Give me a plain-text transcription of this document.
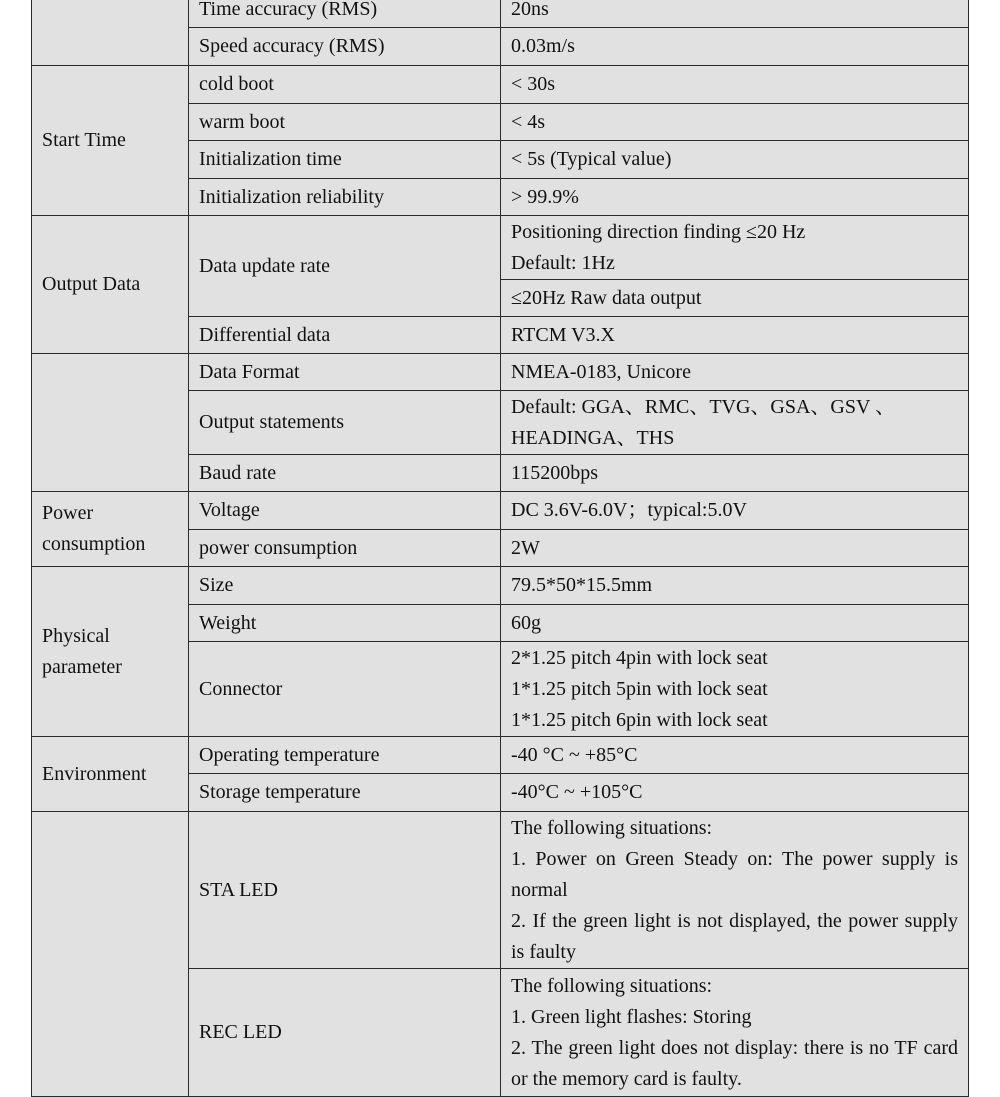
	Time accuracy (RMS)	20ns
	Speed accuracy (RMS)	0.03m/s
Start Time	cold boot	< 30s
	warm boot	< 4s
	Initialization time	< 5s (Typical value)
	Initialization reliability	> 99.9%
Output Data	Data update rate	Positioning direction finding ≤20 Hz
Default: 1Hz

		≤20Hz Raw data output
	Differential data	RTCM V3.X
	Data Format	NMEA-0183, Unicore
	Output statements	Default: GGA、RMC、TVG、GSA、GSV 、
HEADINGA、THS

	Baud rate	115200bps

Power
consumption	Voltage	DC 3.6V-6.0V；typical:5.0V
	power consumption	2W

Physical
parameter	Size	79.5*50*15.5mm
	Weight	60g
	Connector	2*1.25 pitch 4pin with lock seat
1*1.25 pitch 5pin with lock seat
1*1.25 pitch 6pin with lock seat

Environment	Operating temperature	-40 °C ~ +85°C
	Storage temperature	-40°C ~ +105°C
	STA LED	The following situations:
1. Power on Green Steady on: The power supply is normal
2. If the green light is not displayed, the power supply is faulty

	REC LED	The following situations:
1. Green light flashes: Storing
2. The green light does not display: there is no TF card or the memory card is faulty.
